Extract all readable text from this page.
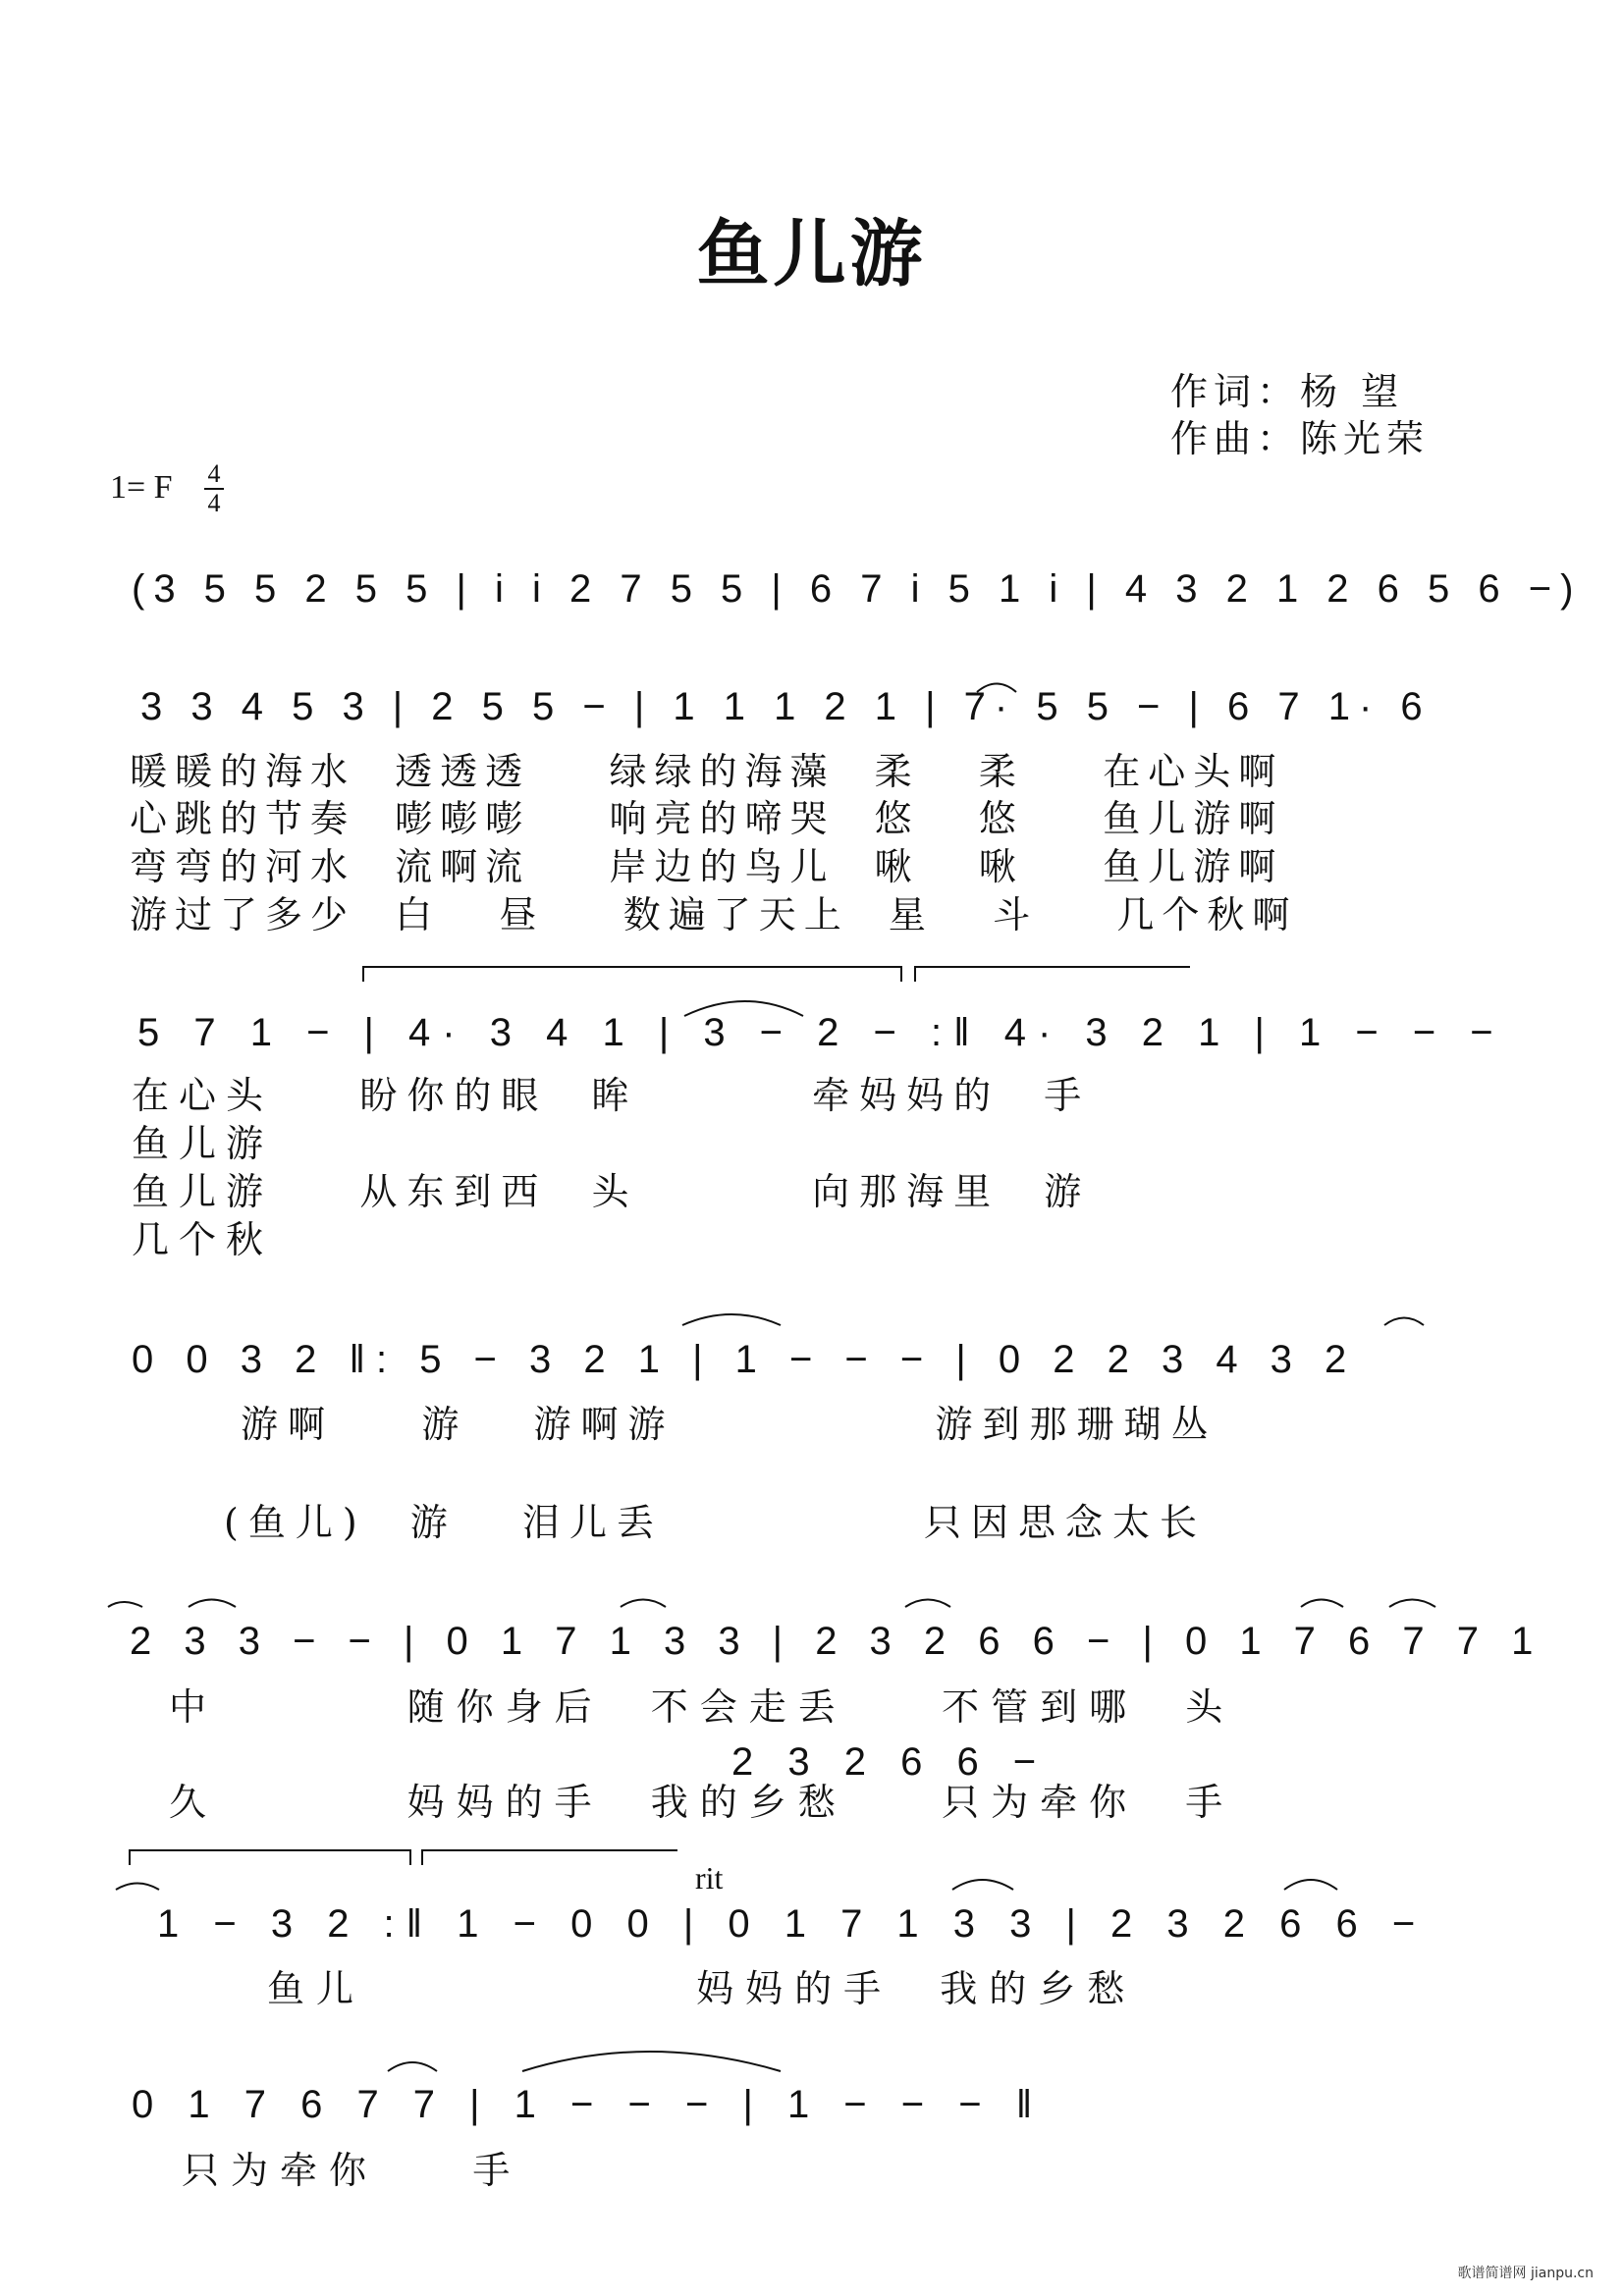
鱼儿游
作词：杨 望
作曲：陈光荣
1= F 4
4
(3 5 5 2 5 5 | i i 2 7 5 5 | 6 7 i 5 1 i | 4 3 2 1 2 6 5 6 −)
3 3 4 5 3 | 2 5 5 − | 1 1 1 2 1 | 7· 5 5 − | 6 7 1· 6
暖暖的海水  透透透    绿绿的海藻  柔   柔    在心头啊
心跳的节奏  嘭嘭嘭    响亮的啼哭  悠   悠    鱼儿游啊
弯弯的河水  流啊流    岸边的鸟儿  啾   啾    鱼儿游啊
游过了多少  白   昼    数遍了天上  星   斗    几个秋啊
5 7 1 − | 4· 3 4 1 | 3 − 2 − :‖ 4· 3 2 1 | 1 − − −
在心头    盼你的眼  眸        牵妈妈的  手
鱼儿游
鱼儿游    从东到西  头        向那海里  游
几个秋
0 0 3 2 ‖: 5 − 3 2 1 | 1 − − − | 0 2 2 3 4 3 2
游啊    游   游啊游            游到那珊瑚丛
(鱼儿)  游   泪儿丢            只因思念太长
2 3 3 − − | 0 1 7 1 3 3 | 2 3 2 6 6 − | 0 1 7 6 7 7 1
中        随你身后  不会走丢    不管到哪  头
2 3 2 6 6 −
久        妈妈的手  我的乡愁    只为牵你  手
rit
1 − 3 2 :‖ 1 − 0 0 | 0 1 7 1 3 3 | 2 3 2 6 6 −
鱼儿              妈妈的手  我的乡愁
0 1 7 6 7 7 | 1 − − − | 1 − − − ‖
只为牵你    手
歌谱简谱网 jianpu.cn
